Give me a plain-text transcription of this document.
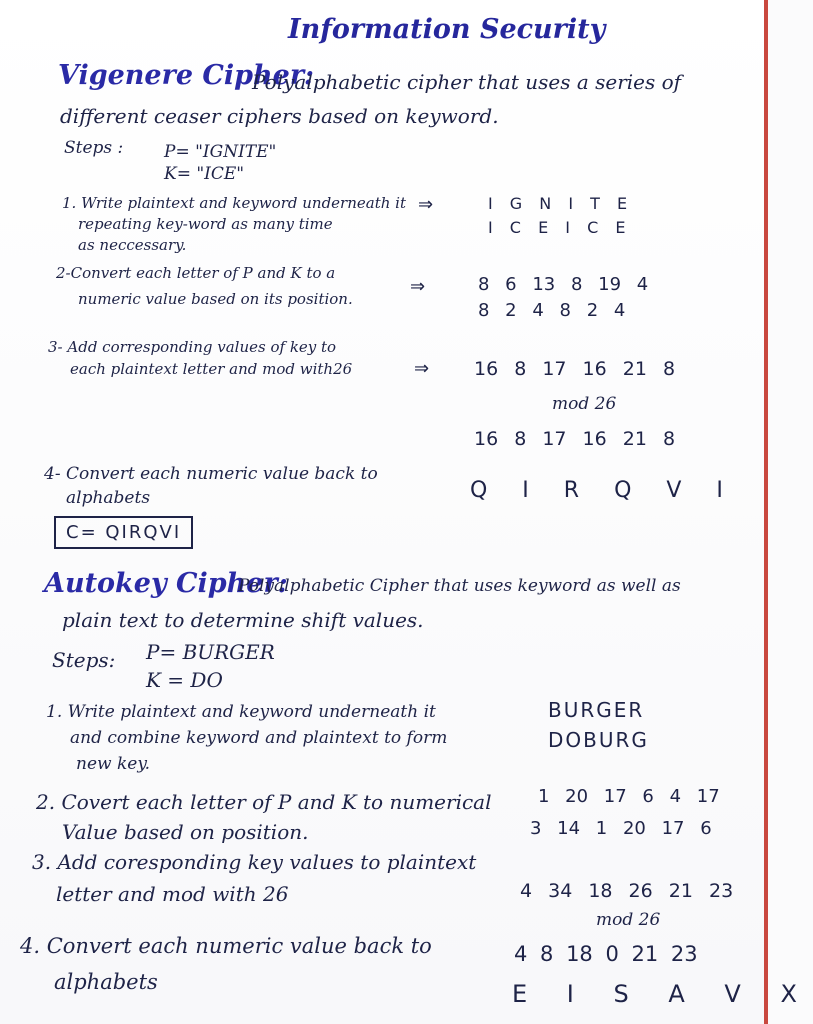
Information Security
Vigenere Cipher:
Polyalphabetic cipher that uses a series of
different ceaser ciphers based on keyword.
Steps : P= "IGNITE"
K= "ICE"
1. Write plaintext and keyword underneath it
repeating key-word as many time
as neccessary.
⇒	I G N I T E
I C E I C E
2-Convert each letter of P and K to a
numeric value based on its position.
⇒	8 6 13 8 19 4
8 2 4 8 2 4
3- Add corresponding values of key to
each plaintext letter and mod with26	⇒ 16 8 17 16 21 8
mod 26
16 8 17 16 21 8
4- Convert each numeric value back to
alphabets	Q I R Q V I
C= QIRQVI
Autokey Cipher:
Polyalphabetic Cipher that uses keyword as well as
plain text to determine shift values.
Steps: P= BURGER
K = DO
1. Write plaintext and keyword underneath it
and combine keyword and plaintext to form
new key.
BURGER
DOBURG
2. Covert each letter of P and K to numerical
Value based on position.
1 20 17 6 4 17
3 14 1 20 17 6
3. Add coresponding key values to plaintext
letter and mod with 26	4 34 18 26 21 23
mod 26
4. Convert each numeric value back to
alphabets
4 8 18 0 21 23
E I S A V X
